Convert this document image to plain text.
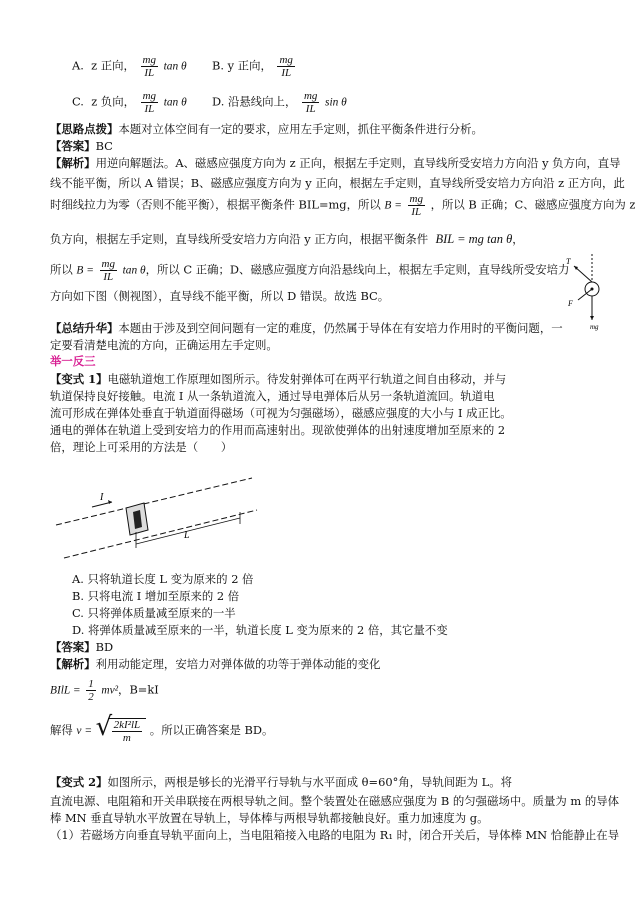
A. z 正向， $\frac{mg}{IL}$ tan θ B. y 正向， $\frac{mg}{IL}$
C. z 负向， $\frac{mg}{IL}$ tan θ D. 沿悬线向上， $\frac{mg}{IL}$ sin θ
【思路点拨】本题对立体空间有一定的要求，应用左手定则，抓住平衡条件进行分析。
【答案】BC
【解析】用逆向解题法。A、磁感应强度方向为 z 正向，根据左手定则，直导线所受安培力方向沿 y 负方向，直导
线不能平衡，所以 A 错误；B、磁感应强度方向为 y 正向，根据左手定则，直导线所受安培力方向沿 z 正方向，此
时细线拉力为零（否则不能平衡），根据平衡条件 BIL=mg，所以 $B = \frac{mg}{IL}$ ，所以 B 正确；C、磁感应强度方向为 z
负方向，根据左手定则，直导线所受安培力方向沿 y 正方向，根据平衡条件 BIL = mg tan θ，
所以 $B = \frac{mg}{IL}$ tan θ，所以 C 正确；D、磁感应强度方向沿悬线向上，根据左手定则，直导线所受安培力
方向如下图（侧视图），直导线不能平衡，所以 D 错误。故选 BC。
T
F
mg
【总结升华】本题由于涉及到空间问题有一定的难度，仍然属于导体在有安培力作用时的平衡问题，一
定要看清楚电流的方向，正确运用左手定则。
举一反三
【变式 1】电磁轨道炮工作原理如图所示。待发射弹体可在两平行轨道之间自由移动，并与
轨道保持良好接触。电流 I 从一条轨道流入，通过导电弹体后从另一条轨道流回。轨道电
流可形成在弹体处垂直于轨道面得磁场（可视为匀强磁场），磁感应强度的大小与 I 成正比。
通电的弹体在轨道上受到安培力的作用而高速射出。现欲使弹体的出射速度增加至原来的 2
倍，理论上可采用的方法是（　　）
I
L
A. 只将轨道长度 L 变为原来的 2 倍
B. 只将电流 I 增加至原来的 2 倍
C. 只将弹体质量减至原来的一半
D. 将弹体质量减至原来的一半，轨道长度 L 变为原来的 2 倍，其它量不变
【答案】BD
【解析】利用动能定理，安培力对弹体做的功等于弹体动能的变化
BIlL = $\frac{1}{2} mv^2$，B=kI
解得 v = √ $\frac{\text{2kI²lL}}{m}$ 。所以正确答案是 BD。
【变式 2】如图所示，两根是够长的光滑平行导轨与水平面成 θ=60°角，导轨间距为 L。将
直流电源、电阻箱和开关串联接在两根导轨之间。整个装置处在磁感应强度为 B 的匀强磁场中。质量为 m 的导体
棒 MN 垂直导轨水平放置在导轨上，导体棒与两根导轨都接触良好。重力加速度为 g。
（1）若磁场方向垂直导轨平面向上，当电阻箱接入电路的电阻为 R₁ 时，闭合开关后，导体棒 MN 恰能静止在导
